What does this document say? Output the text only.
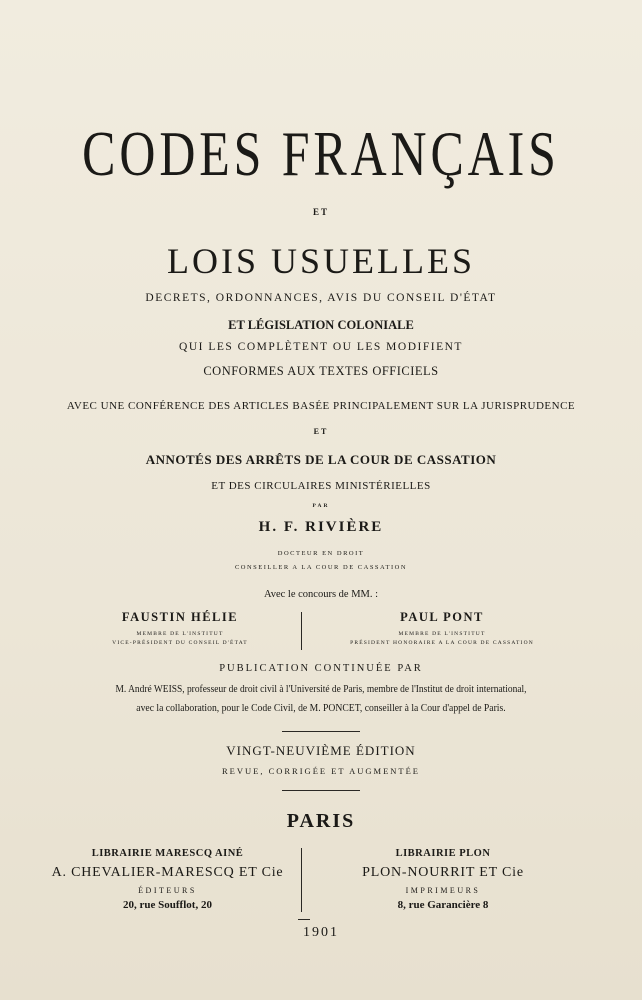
CODES FRANÇAIS
ET
LOIS USUELLES
DECRETS, ORDONNANCES, AVIS DU CONSEIL D'ÉTAT
ET LÉGISLATION COLONIALE
QUI LES COMPLÈTENT OU LES MODIFIENT
CONFORMES AUX TEXTES OFFICIELS
AVEC UNE CONFÉRENCE DES ARTICLES BASÉE PRINCIPALEMENT SUR LA JURISPRUDENCE
ET
ANNOTÉS DES ARRÊTS DE LA COUR DE CASSATION
ET DES CIRCULAIRES MINISTÉRIELLES
PAR
H. F. RIVIÈRE
DOCTEUR EN DROIT
CONSEILLER A LA COUR DE CASSATION
Avec le concours de MM. :
FAUSTIN HÉLIE
MEMBRE DE L'INSTITUT
VICE-PRÉSIDENT DU CONSEIL D'ÉTAT
PAUL PONT
MEMBRE DE L'INSTITUT
PRÉSIDENT HONORAIRE A LA COUR DE CASSATION
PUBLICATION CONTINUÉE PAR
M. André WEISS, professeur de droit civil à l'Université de Paris, membre de l'Institut de droit international,
avec la collaboration, pour le Code Civil, de M. PONCET, conseiller à la Cour d'appel de Paris.
VINGT-NEUVIÈME ÉDITION
REVUE, CORRIGÉE ET AUGMENTÉE
PARIS
LIBRAIRIE MARESCQ AINÉ
A. CHEVALIER-MARESCQ ET Cie
ÉDITEURS
20, rue Soufflot, 20
LIBRAIRIE PLON
PLON-NOURRIT ET Cie
IMPRIMEURS
8, rue Garancière 8
1901
